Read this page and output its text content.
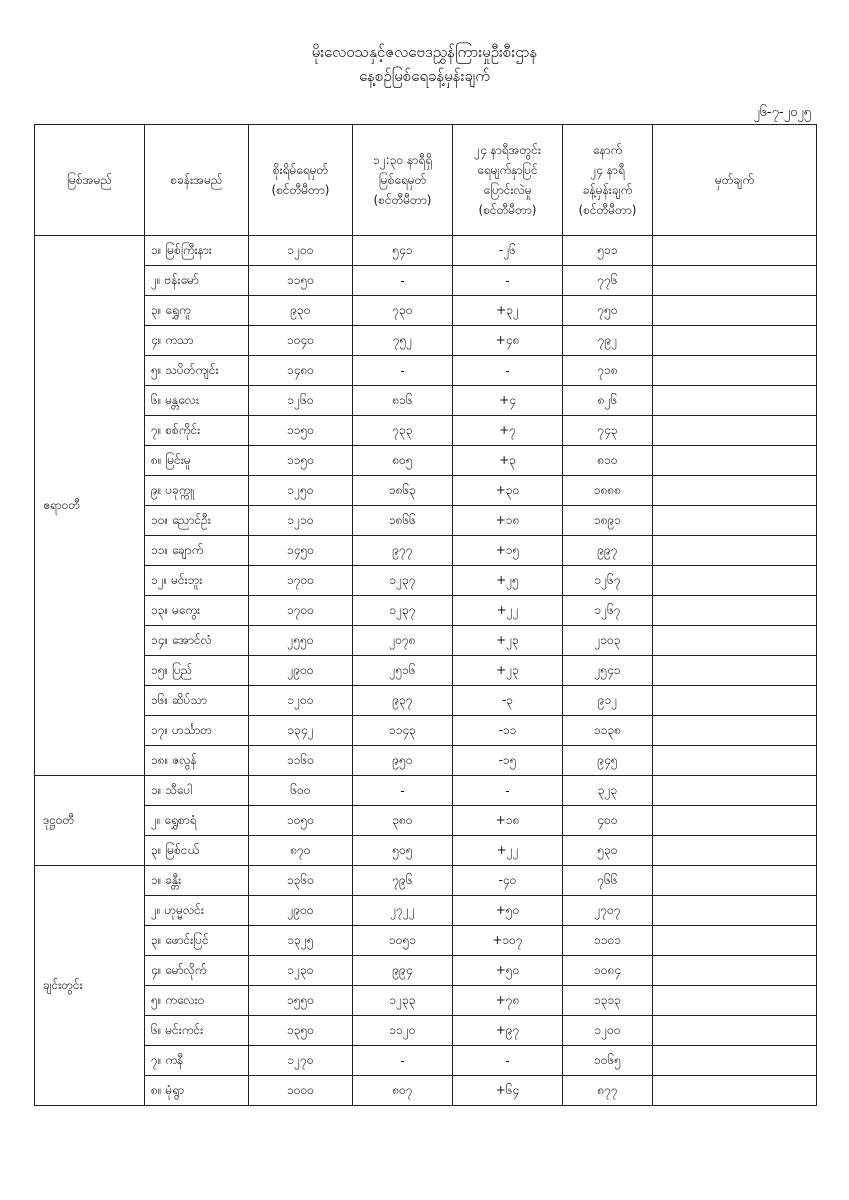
မိုးလေဝသနှင့်ဇလဗေဒညွှန်ကြားမှုဦးစီးဌာန
နေ့စဉ်မြစ်ရေခန့်မှန်းချက်
၂၆-၇-၂၀၂၅
မြစ်အမည်	စခန်းအမည်	စိုးရိမ်ရေမှတ်
(စင်တီမီတာ)	၁၂:၃၀ နာရီရှိ
မြစ်ရေမှတ်
(စင်တီမီတာ)	၂၄ နာရီအတွင်း
ရေမျက်နှာပြင်
ပြောင်းလဲမှု
(စင်တီမီတာ)	နောက်
၂၄ နာရီ
ခန့်မှန်းချက်
(စင်တီမီတာ)	မှတ်ချက်
ဧရာဝတီ	၁။ မြစ်ကြီးနား	၁၂၀၀	၅၄၁	-၂၆	၅၁၁	
	၂။ ဗန်းမော်	၁၁၅၀	-	-	၇၇၆	
	၃။ ရွှေကူ	၉၃၀	၇၃၀	+၃၂	၇၅၀	
	၄။ ကသာ	၁၀၄၀	၇၅၂	+၄၈	၇၉၂	
	၅။ သပိတ်ကျင်း	၁၄၈၀	-	-	၇၁၈	
	၆။ မန္တလေး	၁၂၆၀	၈၁၆	+၄	၈၂၆	
	၇။ စစ်ကိုင်း	၁၁၅၀	၇၃၃	+၇	၇၄၃	
	၈။ မြင်းမူ	၁၁၅၀	၈၀၅	+၃	၈၁၀	
	၉။ ပခုက္ကူ	၁၂၅၀	၁၈၆၃	+၃၀	၁၈၈၈	
	၁၀။ ညောင်ဦး	၁၂၁၀	၁၈၆၆	+၁၈	၁၈၉၁	
	၁၁။ ချောက်	၁၄၅၀	၉၇၇	+၁၅	၉၉၇	
	၁၂။ မင်းဘူး	၁၇၀၀	၁၂၃၇	+၂၅	၁၂၆၇	
	၁၃။ မကွေး	၁၇၀၀	၁၂၃၇	+၂၂	၁၂၆၇	
	၁၄။ အောင်လံ	၂၅၅၀	၂၀၇၈	+၂၃	၂၁၀၃	
	၁၅။ ပြည်	၂၉၀၀	၂၅၁၆	+၂၃	၂၅၄၁	
	၁၆။ ဆိပ်သာ	၁၂၀၀	၉၃၇	-၃	၉၁၂	
	၁၇။ ဟင်္သာတ	၁၃၄၂	၁၁၄၃	-၁၁	၁၁၃၈	
	၁၈။ ဇလွန်	၁၁၆၀	၉၅၀	-၁၅	၉၄၅	
ဒုဋ္ဌဝတီ	၁။ သီပေါ	၆၀၀	-	-	၃၂၃	
	၂။ ရွှေစာရံ	၁၀၅၀	၃၈၀	+၁၈	၄၀၀	
	၃။ မြစ်ငယ်	၈၇၀	၅၀၅	+၂၂	၅၃၀	
ချင်းတွင်း	၁။ ခန္တီး	၁၃၆၀	၇၉၆	-၄၀	၇၆၆	
	၂။ ဟုမ္မလင်း	၂၉၀၀	၂၇၂၂	+၅၀	၂၇၀၇	
	၃။ ဖောင်းပြင်	၁၃၂၅	၁၀၅၁	+၁၀၇	၁၁၀၁	
	၄။ မော်လိုက်	၁၂၃၀	၉၉၄	+၅၀	၁၀၈၄	
	၅။ ကလေးဝ	၁၅၅၀	၁၂၃၃	+၇၈	၁၃၁၃	
	၆။ မင်းကင်း	၁၃၅၀	၁၁၂၀	+၉၇	၁၂၀၀	
	၇။ ကနီ	၁၂၇၀	-	-	၁၀၆၅	
	၈။ မုံရွာ	၁၀၀၀	၈၀၇	+၆၄	၈၇၇	
